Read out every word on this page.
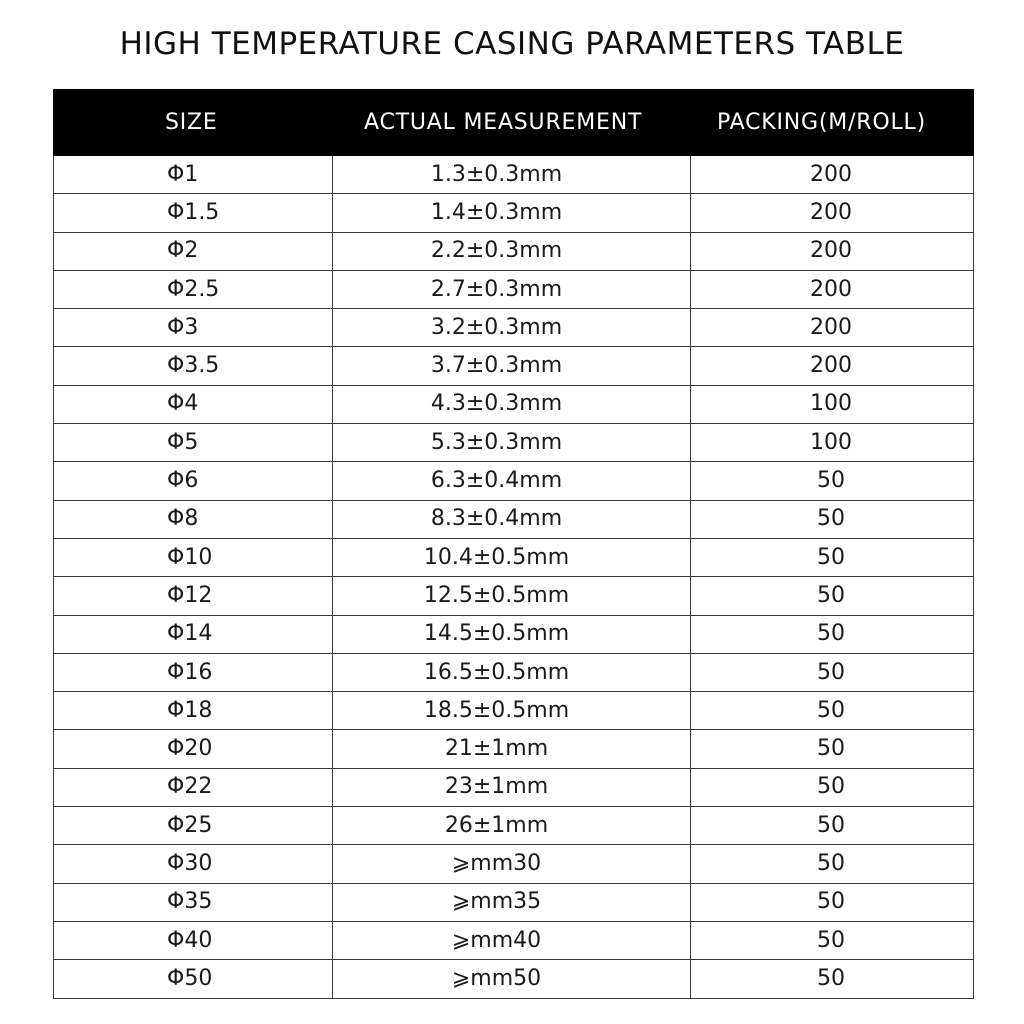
HIGH TEMPERATURE CASING PARAMETERS TABLE
SIZE	ACTUAL MEASUREMENT	PACKING(M/ROLL)
Φ1	1.3±0.3mm	200
Φ1.5	1.4±0.3mm	200
Φ2	2.2±0.3mm	200
Φ2.5	2.7±0.3mm	200
Φ3	3.2±0.3mm	200
Φ3.5	3.7±0.3mm	200
Φ4	4.3±0.3mm	100
Φ5	5.3±0.3mm	100
Φ6	6.3±0.4mm	50
Φ8	8.3±0.4mm	50
Φ10	10.4±0.5mm	50
Φ12	12.5±0.5mm	50
Φ14	14.5±0.5mm	50
Φ16	16.5±0.5mm	50
Φ18	18.5±0.5mm	50
Φ20	21±1mm	50
Φ22	23±1mm	50
Φ25	26±1mm	50
Φ30	⩾mm30	50
Φ35	⩾mm35	50
Φ40	⩾mm40	50
Φ50	⩾mm50	50
